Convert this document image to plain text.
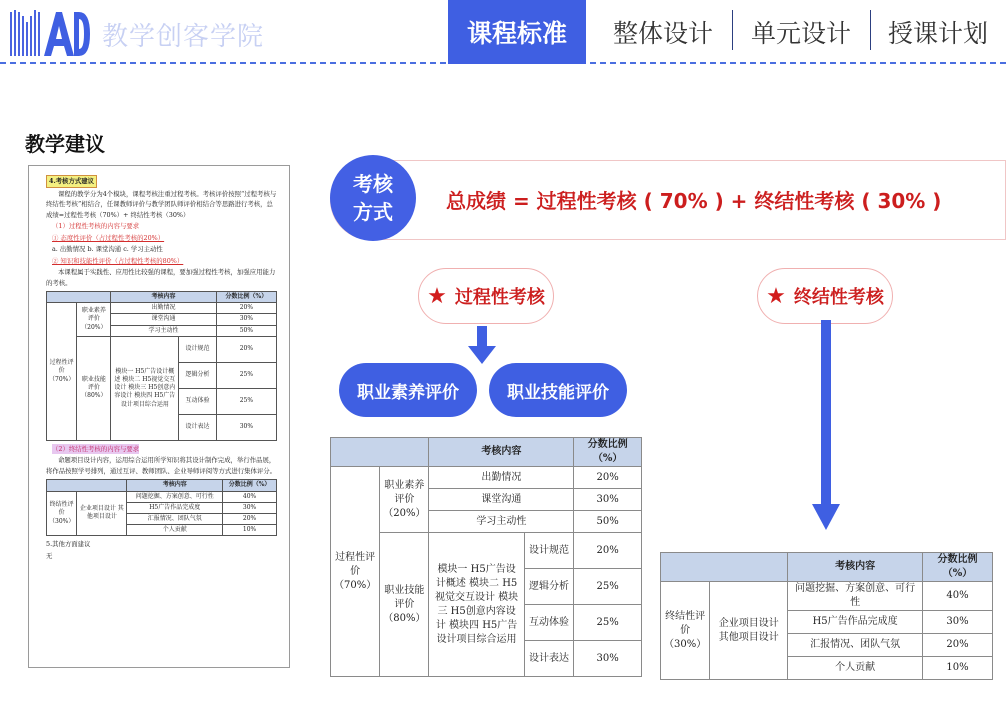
教学创客学院	课程标准	整体设计	单元设计	授课计划
教学建议
4.考核方式建议
课程的教学分为4个模块，课程考核注重过程考核。考核评价按照“过程考核与终结性考核”相结合，任课教师评价与教学团队师评价相结合等思路进行考核，总成绩=过程性考核（70%）+ 终结性考核（30%）
（1）过程性考核的内容与要求
① 态度性评价（占过程性考核的20%）
a. 出勤情况 b. 课堂沟通 c. 学习主动性
② 知识和技能性评价（占过程性考核的80%）
本课程属于实践性、应用性比较强的课程，要加强过程性考核，加强应用能力的考核。
		考核内容		分数比例（%）
过程性评价（70%）	职业素养评价（20%）	出勤情况		20%
		课堂沟通		30%
		学习主动性		50%
	职业技能评价（80%）	模块一 H5广告设计概述 模块二 H5视觉交互设计 模块三 H5创意内容设计 模块四 H5广告设计项目综合运用	设计规范	20%
			逻辑分析	25%
			互动体验	25%
			设计表达	30%
（2）终结性考核的内容与要求
命题项目设计内容，运用综合运用所学知识将其设计制作完成，举行作品展，将作品按照学号排列，通过互评、教师团队、企业导师评阅等方式进行集体评分。
		考核内容	分数比例（%）
终结性评价（30%）	企业项目设计 其他项目设计	问题挖掘、方案创意、可行性	40%
		H5广告作品完成度	30%
		汇报情况、团队气氛	20%
		个人贡献	10%
5.其他方面建议
无
考核方式	总成绩 = 过程性考核 ( 70% ) + 终结性考核 ( 30% )
★ 过程性考核	★ 终结性考核
职业素养评价	职业技能评价
		考核内容		分数比例（%）
过程性评价（70%）	职业素养评价（20%）	出勤情况		20%
		课堂沟通		30%
		学习主动性		50%
	职业技能评价（80%）	模块一 H5广告设计概述 模块二 H5视觉交互设计 模块三 H5创意内容设计 模块四 H5广告设计项目综合运用	设计规范	20%
			逻辑分析	25%
			互动体验	25%
			设计表达	30%
		考核内容	分数比例（%）
终结性评价（30%）	企业项目设计 其他项目设计	问题挖掘、方案创意、可行性	40%
		H5广告作品完成度	30%
		汇报情况、团队气氛	20%
		个人贡献	10%
